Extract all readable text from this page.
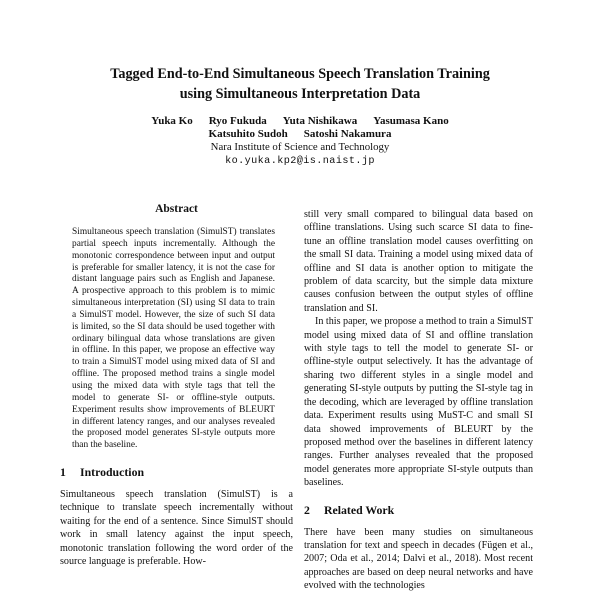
Tagged End-to-End Simultaneous Speech Translation Training
using Simultaneous Interpretation Data
Yuka Ko Ryo Fukuda Yuta Nishikawa Yasumasa Kano
Katsuhito Sudoh Satoshi Nakamura
Nara Institute of Science and Technology
ko.yuka.kp2@is.naist.jp
Abstract

Simultaneous speech translation (SimulST) translates partial speech inputs incrementally. Although the monotonic correspondence between input and output is preferable for smaller latency, it is not the case for distant language pairs such as English and Japanese. A prospective approach to this problem is to mimic simultaneous interpretation (SI) using SI data to train a SimulST model. However, the size of such SI data is limited, so the SI data should be used together with ordinary bilingual data whose translations are given in offline. In this paper, we propose an effective way to train a SimulST model using mixed data of SI and offline. The proposed method trains a single model using the mixed data with style tags that tell the model to generate SI- or offline-style outputs. Experiment results show improvements of BLEURT in different latency ranges, and our analyses revealed the proposed model generates SI-style outputs more than the baseline.

1 Introduction

Simultaneous speech translation (SimulST) is a technique to translate speech incrementally without waiting for the end of a sentence. Since SimulST should work in small latency against the input speech, monotonic translation following the word order of the source language is preferable. How-

still very small compared to bilingual data based on offline translations. Using such scarce SI data to fine-tune an offline translation model causes overfitting on the small SI data. Training a model using mixed data of offline and SI data is another option to mitigate the problem of data scarcity, but the simple data mixture causes confusion between the output styles of offline translation and SI.

In this paper, we propose a method to train a SimulST model using mixed data of SI and offline translation with style tags to tell the model to generate SI- or offline-style output selectively. It has the advantage of sharing two different styles in a single model and generating SI-style outputs by putting the SI-style tag in the decoding, which are leveraged by offline translation data. Experiment results using MuST-C and small SI data showed improvements of BLEURT by the proposed method over the baselines in different latency ranges. Further analyses revealed that the proposed model generates more appropriate SI-style outputs than baselines.

2 Related Work

There have been many studies on simultaneous translation for text and speech in decades (Fügen et al., 2007; Oda et al., 2014; Dalvi et al., 2018). Most recent approaches are based on deep neural networks and have evolved with the technologies
